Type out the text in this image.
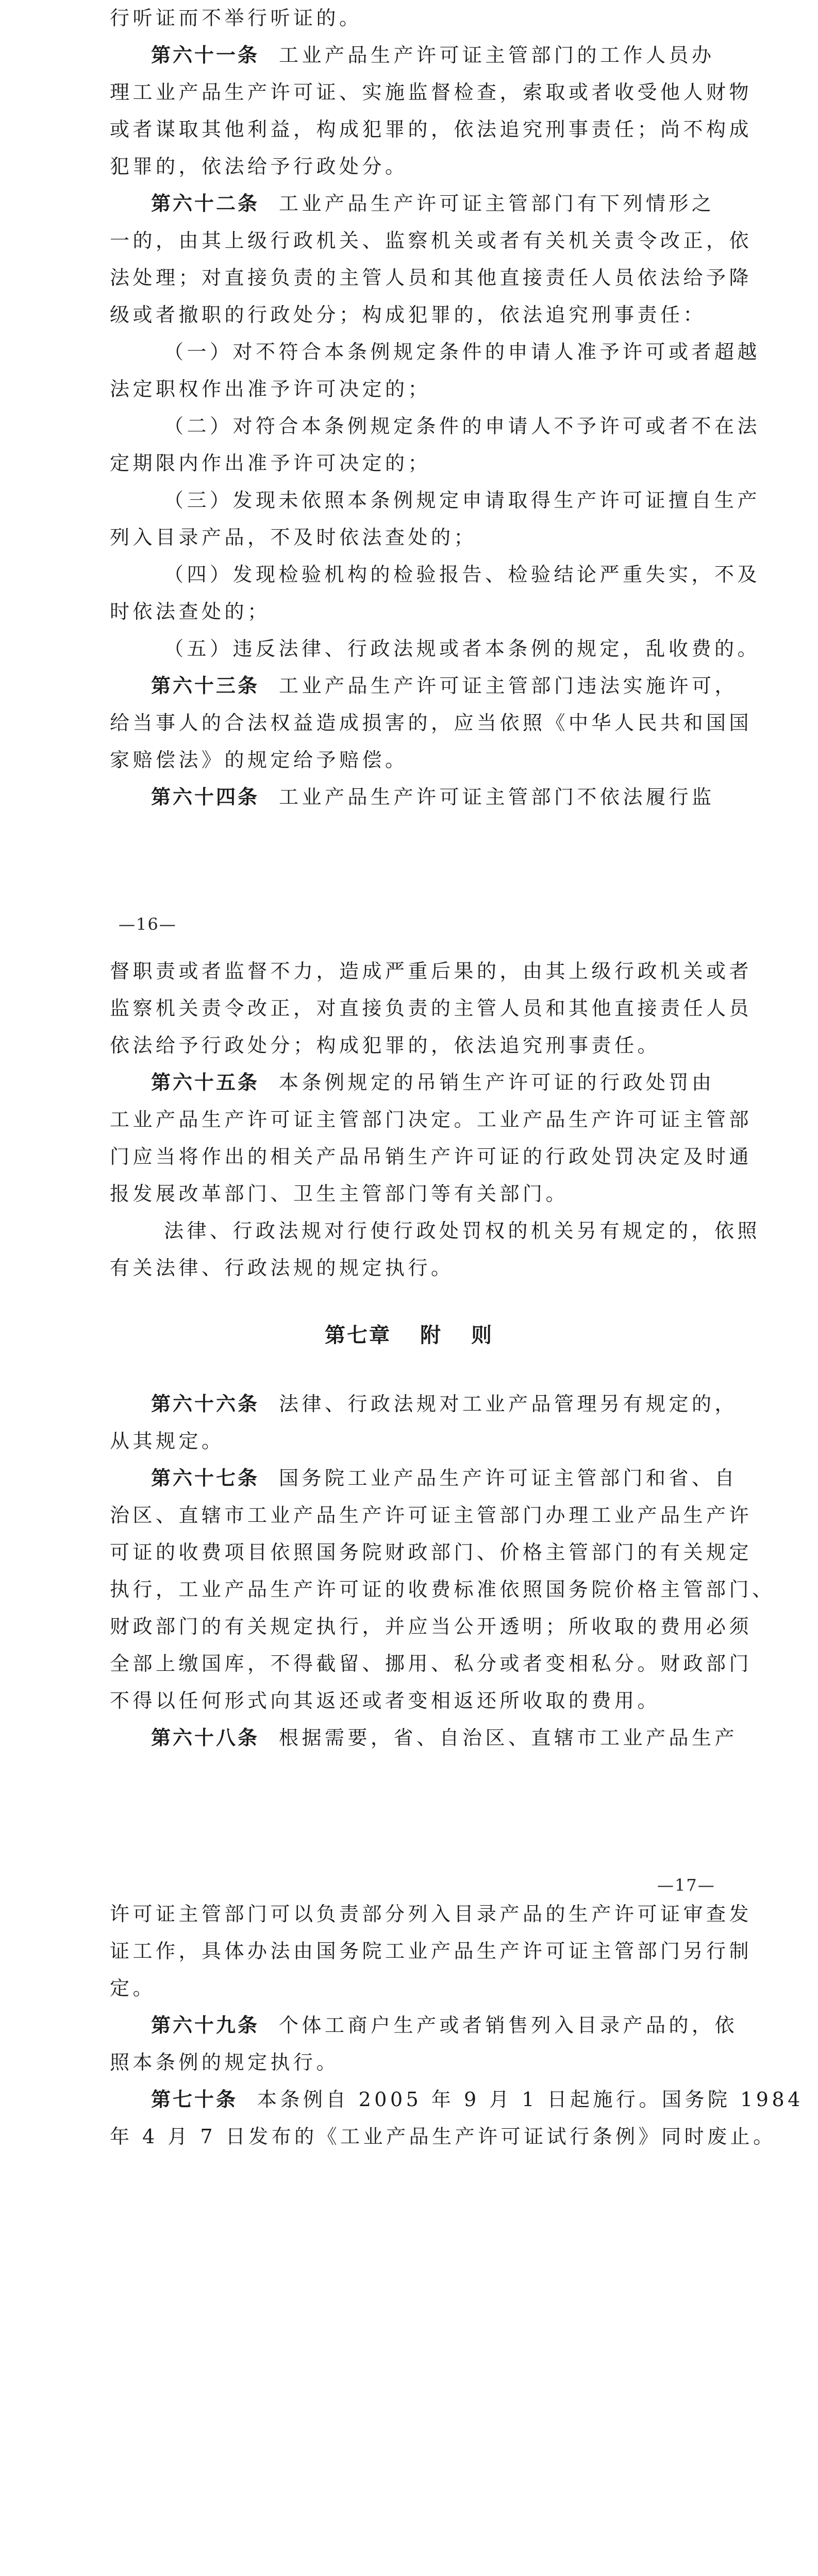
行听证而不举行听证的。
第六十一条 工业产品生产许可证主管部门的工作人员办
理工业产品生产许可证、实施监督检查，索取或者收受他人财物
或者谋取其他利益，构成犯罪的，依法追究刑事责任；尚不构成
犯罪的，依法给予行政处分。
第六十二条 工业产品生产许可证主管部门有下列情形之
一的，由其上级行政机关、监察机关或者有关机关责令改正，依
法处理；对直接负责的主管人员和其他直接责任人员依法给予降
级或者撤职的行政处分；构成犯罪的，依法追究刑事责任：
（一）对不符合本条例规定条件的申请人准予许可或者超越
法定职权作出准予许可决定的；
（二）对符合本条例规定条件的申请人不予许可或者不在法
定期限内作出准予许可决定的；
（三）发现未依照本条例规定申请取得生产许可证擅自生产
列入目录产品，不及时依法查处的；
（四）发现检验机构的检验报告、检验结论严重失实，不及
时依法查处的；
（五）违反法律、行政法规或者本条例的规定，乱收费的。
第六十三条 工业产品生产许可证主管部门违法实施许可，
给当事人的合法权益造成损害的，应当依照《中华人民共和国国
家赔偿法》的规定给予赔偿。
第六十四条 工业产品生产许可证主管部门不依法履行监
—16—
督职责或者监督不力，造成严重后果的，由其上级行政机关或者
监察机关责令改正，对直接负责的主管人员和其他直接责任人员
依法给予行政处分；构成犯罪的，依法追究刑事责任。
第六十五条 本条例规定的吊销生产许可证的行政处罚由
工业产品生产许可证主管部门决定。工业产品生产许可证主管部
门应当将作出的相关产品吊销生产许可证的行政处罚决定及时通
报发展改革部门、卫生主管部门等有关部门。
法律、行政法规对行使行政处罚权的机关另有规定的，依照
有关法律、行政法规的规定执行。
第七章 附 则
第六十六条 法律、行政法规对工业产品管理另有规定的，
从其规定。
第六十七条 国务院工业产品生产许可证主管部门和省、自
治区、直辖市工业产品生产许可证主管部门办理工业产品生产许
可证的收费项目依照国务院财政部门、价格主管部门的有关规定
执行，工业产品生产许可证的收费标准依照国务院价格主管部门、
财政部门的有关规定执行，并应当公开透明；所收取的费用必须
全部上缴国库，不得截留、挪用、私分或者变相私分。财政部门
不得以任何形式向其返还或者变相返还所收取的费用。
第六十八条 根据需要，省、自治区、直辖市工业产品生产
—17—
许可证主管部门可以负责部分列入目录产品的生产许可证审查发
证工作，具体办法由国务院工业产品生产许可证主管部门另行制
定。
第六十九条 个体工商户生产或者销售列入目录产品的，依
照本条例的规定执行。
第七十条 本条例自 2005 年 9 月 1 日起施行。国务院 1984
年 4 月 7 日发布的《工业产品生产许可证试行条例》同时废止。
